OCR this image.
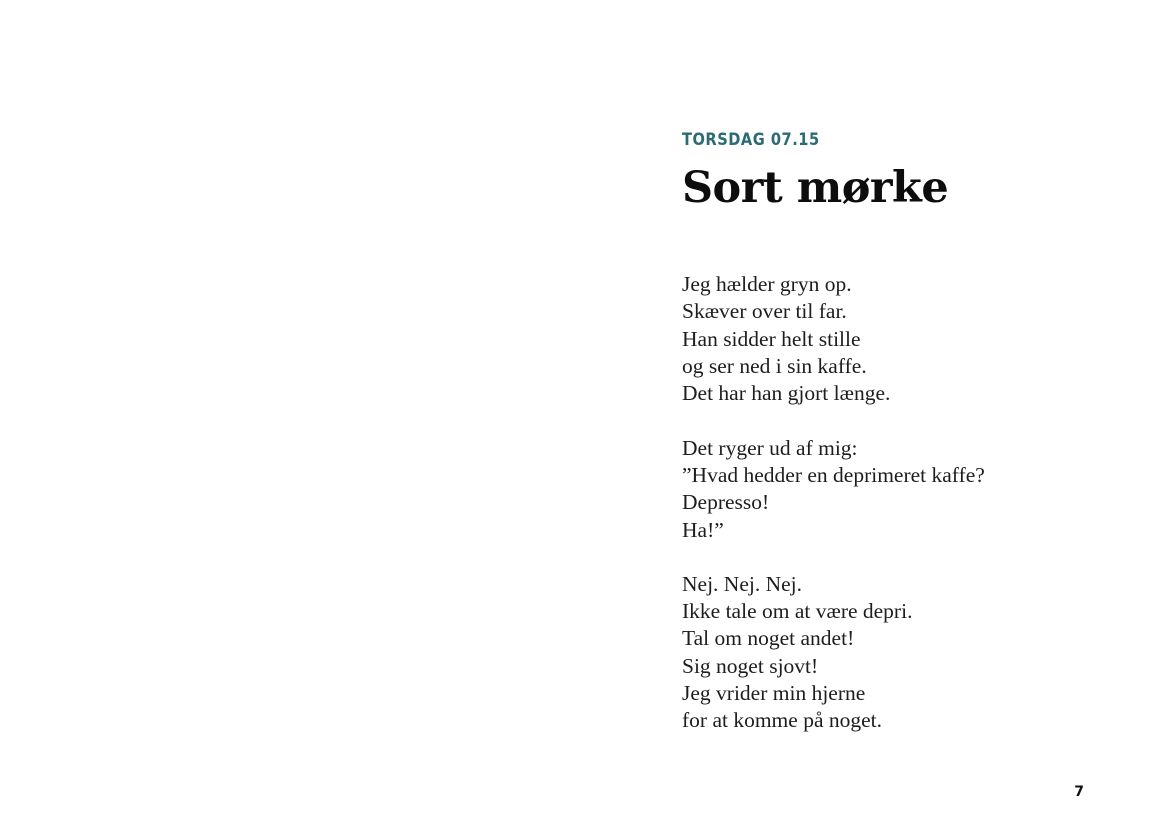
TORSDAG 07.15
Sort mørke
Jeg hælder gryn op.
Skæver over til far.
Han sidder helt stille
og ser ned i sin kaffe.
Det har han gjort længe.
Det ryger ud af mig:
”Hvad hedder en deprimeret kaffe?
Depresso!
Ha!”
Nej. Nej. Nej.
Ikke tale om at være depri.
Tal om noget andet!
Sig noget sjovt!
Jeg vrider min hjerne
for at komme på noget.
7
